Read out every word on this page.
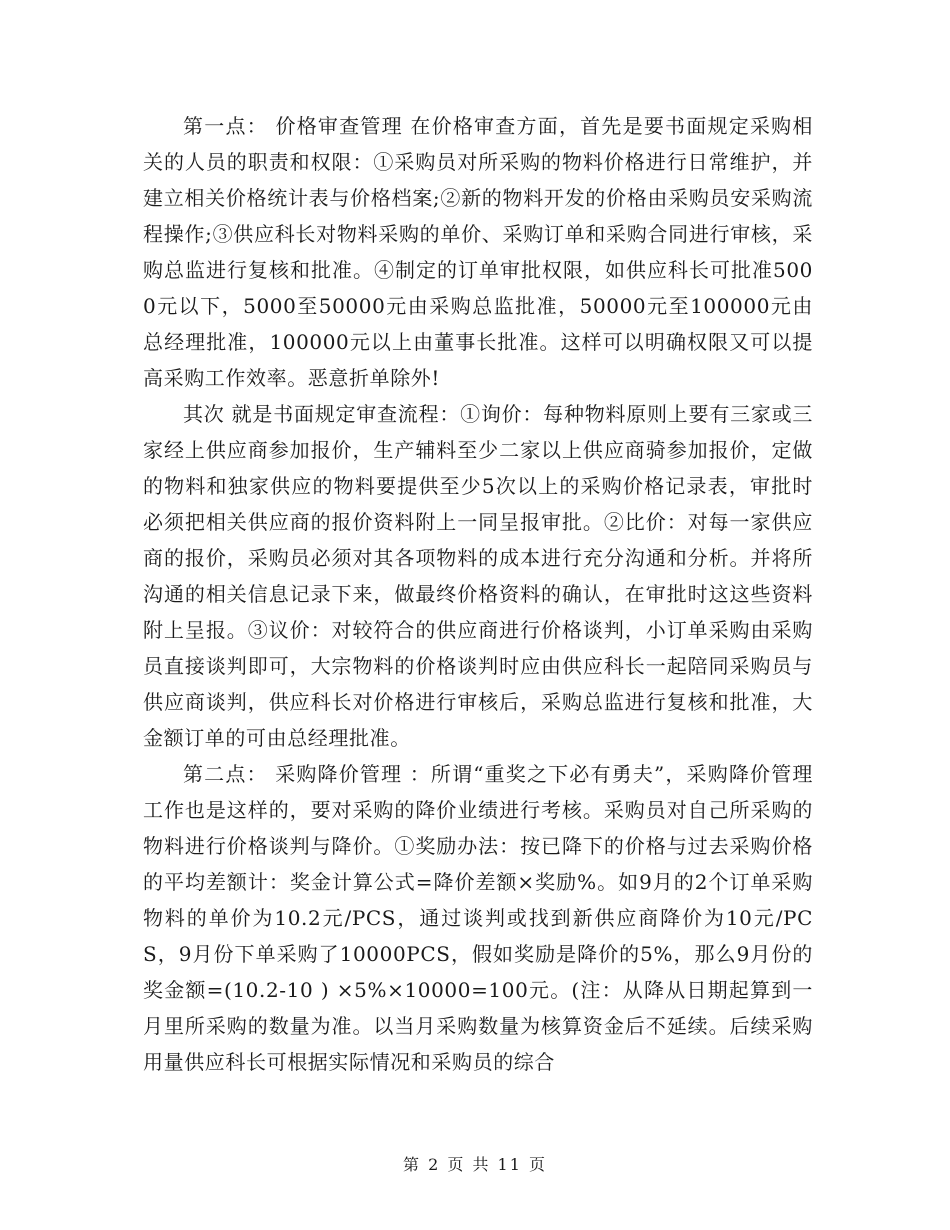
第一点： 价格审查管理 在价格审查方面，首先是要书面规定采购相关的人员的职责和权限：①采购员对所采购的物料价格进行日常维护，并建立相关价格统计表与价格档案;②新的物料开发的价格由采购员安采购流程操作;③供应科长对物料采购的单价、采购订单和采购合同进行审核，采购总监进行复核和批准。④制定的订单审批权限，如供应科长可批准5000元以下，5000至50000元由采购总监批准，50000元至100000元由总经理批准，100000元以上由董事长批准。这样可以明确权限又可以提高采购工作效率。恶意折单除外!

其次 就是书面规定审查流程：①询价：每种物料原则上要有三家或三家经上供应商参加报价，生产辅料至少二家以上供应商骑参加报价，定做的物料和独家供应的物料要提供至少5次以上的采购价格记录表，审批时必须把相关供应商的报价资料附上一同呈报审批。②比价：对每一家供应商的报价，采购员必须对其各项物料的成本进行充分沟通和分析。并将所沟通的相关信息记录下来，做最终价格资料的确认，在审批时这这些资料附上呈报。③议价：对较符合的供应商进行价格谈判，小订单采购由采购员直接谈判即可，大宗物料的价格谈判时应由供应科长一起陪同采购员与供应商谈判，供应科长对价格进行审核后，采购总监进行复核和批准，大金额订单的可由总经理批准。

第二点： 采购降价管理 ：所谓“重奖之下必有勇夫”，采购降价管理工作也是这样的，要对采购的降价业绩进行考核。采购员对自己所采购的物料进行价格谈判与降价。①奖励办法：按已降下的价格与过去采购价格的平均差额计：奖金计算公式=降价差额×奖励%。如9月的2个订单采购物料的单价为10.2元/PCS，通过谈判或找到新供应商降价为10元/PCS，9月份下单采购了10000PCS，假如奖励是降价的5%，那么9月份的奖金额=(10.2-10 ) ×5%×10000=100元。(注：从降从日期起算到一月里所采购的数量为准。以当月采购数量为核算资金后不延续。后续采购用量供应科长可根据实际情况和采购员的综合

第 2 页 共 11 页
